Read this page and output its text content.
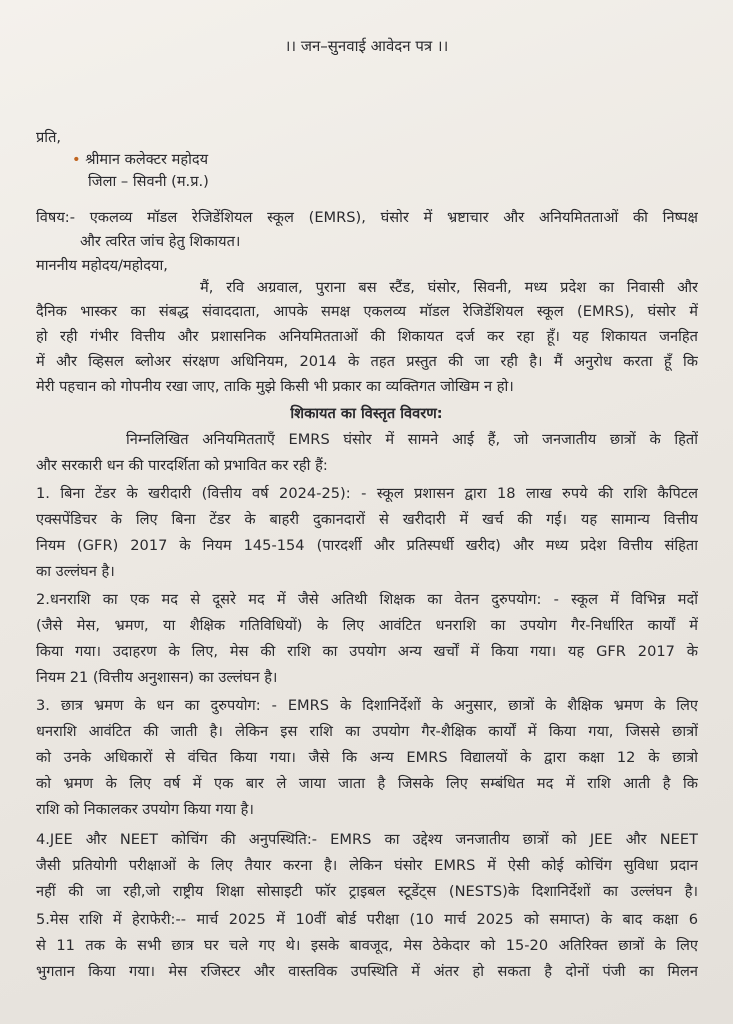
।। जन–सुनवाई आवेदन पत्र ।।
प्रति,
• श्रीमान कलेक्टर महोदय
जिला – सिवनी (म.प्र.)
विषय:- एकलव्य मॉडल रेजिडेंशियल स्कूल (EMRS), घंसोर में भ्रष्टाचार और अनियमितताओं की निष्पक्ष
और त्वरित जांच हेतु शिकायत।
माननीय महोदय/महोदया,
मैं, रवि अग्रवाल, पुराना बस स्टैंड, घंसोर, सिवनी, मध्य प्रदेश का निवासी और
दैनिक भास्कर का संबद्ध संवाददाता, आपके समक्ष एकलव्य मॉडल रेजिडेंशियल स्कूल (EMRS), घंसोर में
हो रही गंभीर वित्तीय और प्रशासनिक अनियमितताओं की शिकायत दर्ज कर रहा हूँ। यह शिकायत जनहित
में और व्हिसल ब्लोअर संरक्षण अधिनियम, 2014 के तहत प्रस्तुत की जा रही है। मैं अनुरोध करता हूँ कि
मेरी पहचान को गोपनीय रखा जाए, ताकि मुझे किसी भी प्रकार का व्यक्तिगत जोखिम न हो।
शिकायत का विस्तृत विवरण:
निम्नलिखित अनियमितताएँ EMRS घंसोर में सामने आई हैं, जो जनजातीय छात्रों के हितों
और सरकारी धन की पारदर्शिता को प्रभावित कर रही हैं:
1. बिना टेंडर के खरीदारी (वित्तीय वर्ष 2024-25): - स्कूल प्रशासन द्वारा 18 लाख रुपये की राशि कैपिटल
एक्सपेंडिचर के लिए बिना टेंडर के बाहरी दुकानदारों से खरीदारी में खर्च की गई। यह सामान्य वित्तीय
नियम (GFR) 2017 के नियम 145-154 (पारदर्शी और प्रतिस्पर्धी खरीद) और मध्य प्रदेश वित्तीय संहिता
का उल्लंघन है।
2.धनराशि का एक मद से दूसरे मद में जैसे अतिथी शिक्षक का वेतन दुरुपयोग: - स्कूल में विभिन्न मदों
(जैसे मेस, भ्रमण, या शैक्षिक गतिविधियों) के लिए आवंटित धनराशि का उपयोग गैर-निर्धारित कार्यों में
किया गया। उदाहरण के लिए, मेस की राशि का उपयोग अन्य खर्चों में किया गया। यह GFR 2017 के
नियम 21 (वित्तीय अनुशासन) का उल्लंघन है।
3. छात्र भ्रमण के धन का दुरुपयोग: - EMRS के दिशानिर्देशों के अनुसार, छात्रों के शैक्षिक भ्रमण के लिए
धनराशि आवंटित की जाती है। लेकिन इस राशि का उपयोग गैर-शैक्षिक कार्यों में किया गया, जिससे छात्रों
को उनके अधिकारों से वंचित किया गया। जैसे कि अन्य EMRS विद्यालयों के द्वारा कक्षा 12 के छात्रो
को भ्रमण के लिए वर्ष में एक बार ले जाया जाता है जिसके लिए सम्बंधित मद में राशि आती है कि
राशि को निकालकर उपयोग किया गया है।
4.JEE और NEET कोचिंग की अनुपस्थिति:- EMRS का उद्देश्य जनजातीय छात्रों को JEE और NEET
जैसी प्रतियोगी परीक्षाओं के लिए तैयार करना है। लेकिन घंसोर EMRS में ऐसी कोई कोचिंग सुविधा प्रदान
नहीं की जा रही,जो राष्ट्रीय शिक्षा सोसाइटी फॉर ट्राइबल स्टूडेंट्स (NESTS)के दिशानिर्देशों का उल्लंघन है।
5.मेस राशि में हेराफेरी:-- मार्च 2025 में 10वीं बोर्ड परीक्षा (10 मार्च 2025 को समाप्त) के बाद कक्षा 6
से 11 तक के सभी छात्र घर चले गए थे। इसके बावजूद, मेस ठेकेदार को 15-20 अतिरिक्त छात्रों के लिए
भुगतान किया गया। मेस रजिस्टर और वास्तविक उपस्थिति में अंतर हो सकता है दोनों पंजी का मिलन
